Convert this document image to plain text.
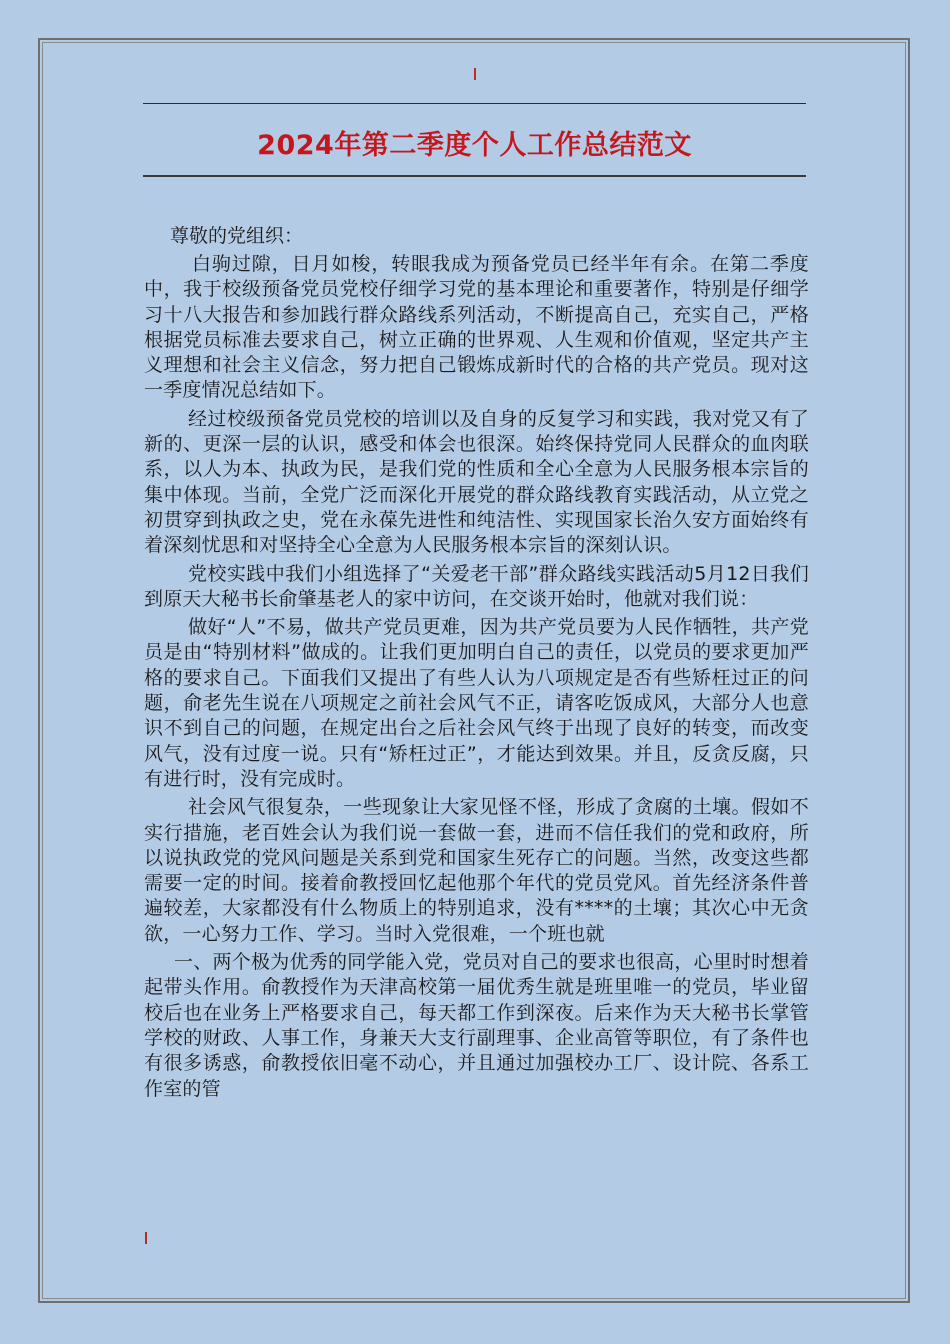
2024年第二季度个人工作总结范文
尊敬的党组织：

白驹过隙，日月如梭，转眼我成为预备党员已经半年有余。在第二季度中，我于校级预备党员党校仔细学习党的基本理论和重要著作，特别是仔细学习十八大报告和参加践行群众路线系列活动，不断提高自己，充实自己，严格根据党员标准去要求自己，树立正确的世界观、人生观和价值观，坚定共产主义理想和社会主义信念，努力把自己锻炼成新时代的合格的共产党员。现对这一季度情况总结如下。

经过校级预备党员党校的培训以及自身的反复学习和实践，我对党又有了新的、更深一层的认识，感受和体会也很深。始终保持党同人民群众的血肉联系，以人为本、执政为民，是我们党的性质和全心全意为人民服务根本宗旨的集中体现。当前，全党广泛而深化开展党的群众路线教育实践活动，从立党之初贯穿到执政之史，党在永葆先进性和纯洁性、实现国家长治久安方面始终有着深刻忧思和对坚持全心全意为人民服务根本宗旨的深刻认识。

党校实践中我们小组选择了“关爱老干部”群众路线实践活动5月12日我们到原天大秘书长俞肇基老人的家中访问，在交谈开始时，他就对我们说：

做好“人”不易，做共产党员更难，因为共产党员要为人民作牺牲，共产党员是由“特别材料”做成的。让我们更加明白自己的责任，以党员的要求更加严格的要求自己。下面我们又提出了有些人认为八项规定是否有些矫枉过正的问题，俞老先生说在八项规定之前社会风气不正，请客吃饭成风，大部分人也意识不到自己的问题，在规定出台之后社会风气终于出现了良好的转变，而改变风气，没有过度一说。只有“矫枉过正”，才能达到效果。并且，反贪反腐，只有进行时，没有完成时。

社会风气很复杂，一些现象让大家见怪不怪，形成了贪腐的土壤。假如不实行措施，老百姓会认为我们说一套做一套，进而不信任我们的党和政府，所以说执政党的党风问题是关系到党和国家生死存亡的问题。当然，改变这些都需要一定的时间。接着俞教授回忆起他那个年代的党员党风。首先经济条件普遍较差，大家都没有什么物质上的特别追求，没有****的土壤；其次心中无贪欲，一心努力工作、学习。当时入党很难，一个班也就

一、两个极为优秀的同学能入党，党员对自己的要求也很高，心里时时想着起带头作用。俞教授作为天津高校第一届优秀生就是班里唯一的党员，毕业留校后也在业务上严格要求自己，每天都工作到深夜。后来作为天大秘书长掌管学校的财政、人事工作，身兼天大支行副理事、企业高管等职位，有了条件也有很多诱惑，俞教授依旧毫不动心，并且通过加强校办工厂、设计院、各系工作室的管
